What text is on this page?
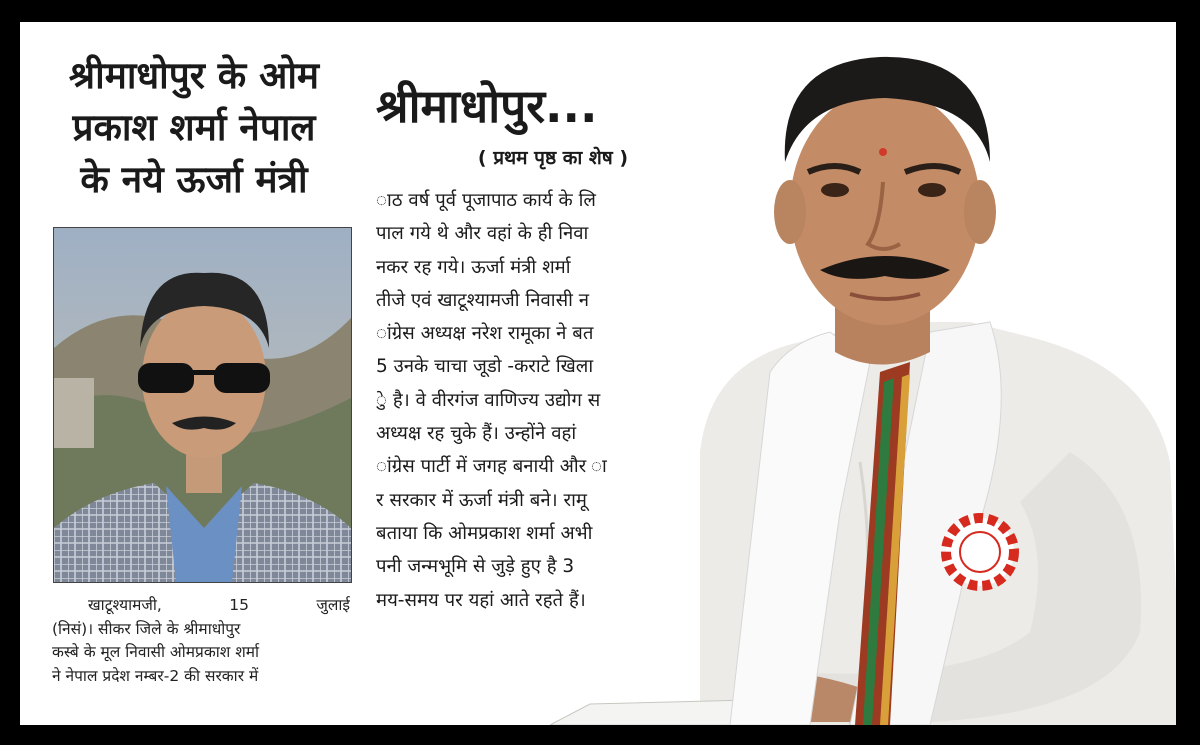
श्रीमाधोपुर के ओम
प्रकाश शर्मा नेपाल
के नये ऊर्जा मंत्री
खाटूश्यामजी,	15	जुलाई
(निसं)। सीकर जिले के श्रीमाधोपुर
कस्बे के मूल निवासी ओमप्रकाश शर्मा
ने नेपाल प्रदेश नम्बर-2 की सरकार में
श्रीमाधोपुर...
( प्रथम पृष्ठ का शेष )
ाठ वर्ष पूर्व पूजापाठ कार्य के लि
पाल गये थे और वहां के ही निवा
नकर रह गये। ऊर्जा मंत्री शर्मा
तीजे एवं खाटूश्यामजी निवासी न
ांग्रेस अध्यक्ष नरेश रामूका ने बत
5 उनके चाचा जूडो -कराटे खिला
ुे है। वे वीरगंज वाणिज्य उद्योग स
अध्यक्ष रह चुके हैं। उन्होंने वहां
ांग्रेस पार्टी में जगह बनायी और ा
र सरकार में ऊर्जा मंत्री बने। रामू
बताया कि ओमप्रकाश शर्मा अभी
पनी जन्मभूमि से जुड़े हुए है 3
मय-समय पर यहां आते रहते हैं।
